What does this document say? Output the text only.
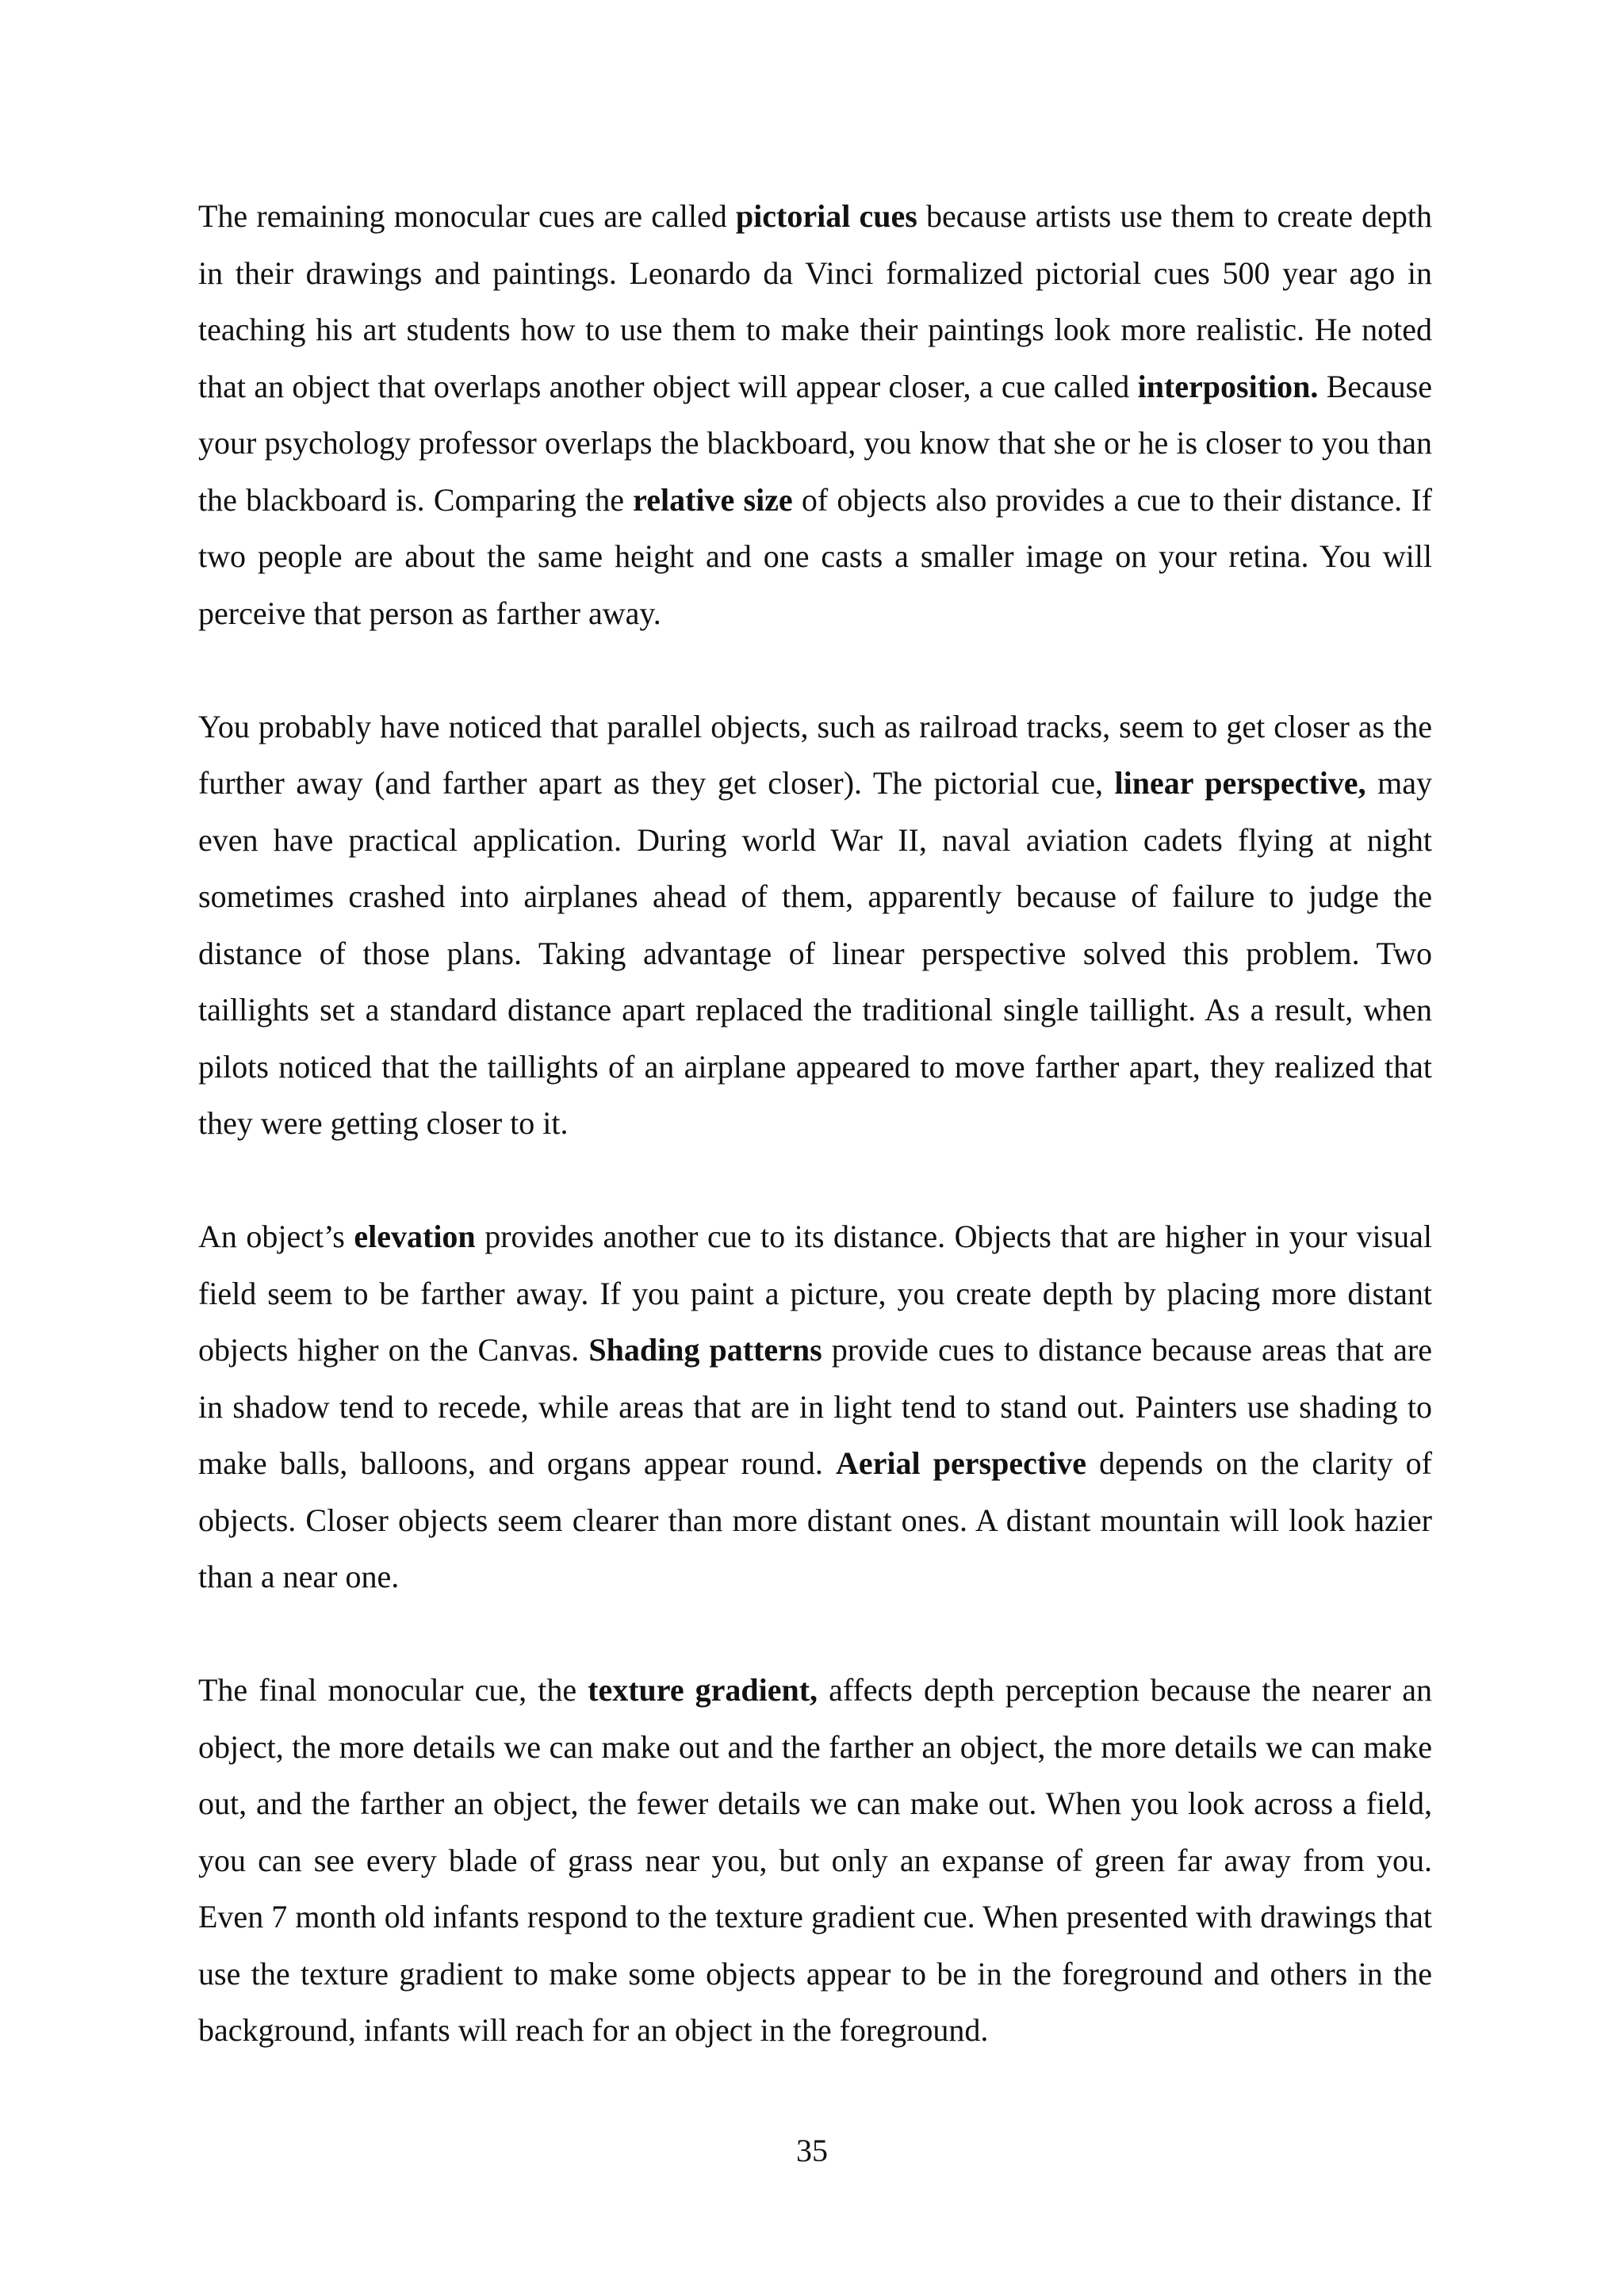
The remaining monocular cues are called pictorial cues because artists use them to create depth in their drawings and paintings. Leonardo da Vinci formalized pictorial cues 500 year ago in teaching his art students how to use them to make their paintings look more realistic. He noted that an object that overlaps another object will appear closer, a cue called interposition. Because your psychology professor overlaps the blackboard, you know that she or he is closer to you than the blackboard is. Comparing the relative size of objects also provides a cue to their distance. If two people are about the same height and one casts a smaller image on your retina. You will perceive that person as farther away.

You probably have noticed that parallel objects, such as railroad tracks, seem to get closer as the further away (and farther apart as they get closer). The pictorial cue, linear perspective, may even have practical application. During world War II, naval aviation cadets flying at night sometimes crashed into airplanes ahead of them, apparently because of failure to judge the distance of those plans. Taking advantage of linear perspective solved this problem. Two taillights set a standard distance apart replaced the traditional single taillight. As a result, when pilots noticed that the taillights of an airplane appeared to move farther apart, they realized that they were getting closer to it.

An object’s elevation provides another cue to its distance. Objects that are higher in your visual field seem to be farther away. If you paint a picture, you create depth by placing more distant objects higher on the Canvas. Shading patterns provide cues to distance because areas that are in shadow tend to recede, while areas that are in light tend to stand out. Painters use shading to make balls, balloons, and organs appear round. Aerial perspective depends on the clarity of objects. Closer objects seem clearer than more distant ones. A distant mountain will look hazier than a near one.

The final monocular cue, the texture gradient, affects depth perception because the nearer an object, the more details we can make out and the farther an object, the more details we can make out, and the farther an object, the fewer details we can make out. When you look across a field, you can see every blade of grass near you, but only an expanse of green far away from you. Even 7 month old infants respond to the texture gradient cue. When presented with drawings that use the texture gradient to make some objects appear to be in the foreground and others in the background, infants will reach for an object in the foreground.

35
